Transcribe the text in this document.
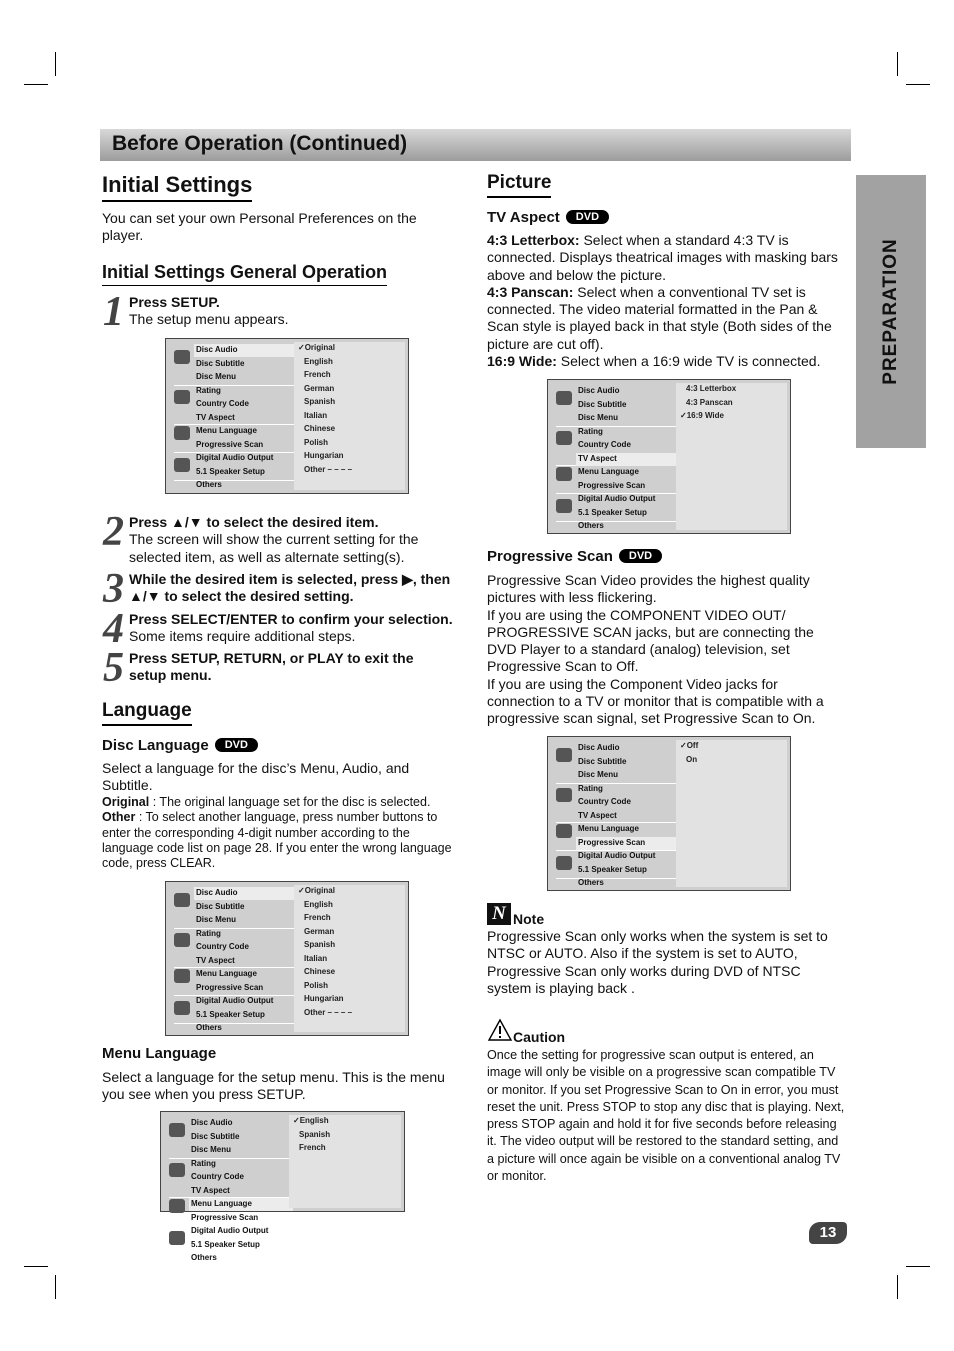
Before Operation (Continued)
PREPARATION
Initial Settings

You can set your own Personal Preferences on the player.

Initial Settings General Operation
1 Press SETUP.
The setup menu appears.

Disc Audio
Disc Subtitle
Disc Menu
Rating
Country Code
TV Aspect
Menu Language
Progressive Scan
Digital Audio Output
5.1 Speaker Setup
Others
✓Original
English
French
German
Spanish
Italian
Chinese
Polish
Hungarian
Other – – – –
2 Press ▲/▼ to select the desired item.
The screen will show the current setting for the selected item, as well as alternate setting(s).

3 While the desired item is selected, press ▶, then ▲/▼ to select the desired setting.

4 Press SELECT/ENTER to confirm your selection.
Some items require additional steps.

5 Press SETUP, RETURN, or PLAY to exit the setup menu.

Language
Disc Language DVD

Select a language for the disc’s Menu, Audio, and Subtitle.

Original : The original language set for the disc is selected.
Other : To select another language, press number buttons to enter the corresponding 4-digit number according to the language code list on page 28. If you enter the wrong language code, press CLEAR.

Disc Audio
Disc Subtitle
Disc Menu
Rating
Country Code
TV Aspect
Menu Language
Progressive Scan
Digital Audio Output
5.1 Speaker Setup
Others
✓Original
English
French
German
Spanish
Italian
Chinese
Polish
Hungarian
Other – – – –
Menu Language

Select a language for the setup menu. This is the menu you see when you press SETUP.

Disc Audio
Disc Subtitle
Disc Menu
Rating
Country Code
TV Aspect
Menu Language
Progressive Scan
Digital Audio Output
5.1 Speaker Setup
Others
✓English
Spanish
French
Picture
TV Aspect DVD

4:3 Letterbox: Select when a standard 4:3 TV is connected. Displays theatrical images with masking bars above and below the picture.
4:3 Panscan: Select when a conventional TV set is connected. The video material formatted in the Pan & Scan style is played back in that style (Both sides of the picture are cut off).
16:9 Wide: Select when a 16:9 wide TV is connected.

Disc Audio
Disc Subtitle
Disc Menu
Rating
Country Code
TV Aspect
Menu Language
Progressive Scan
Digital Audio Output
5.1 Speaker Setup
Others
4:3 Letterbox
4:3 Panscan
✓16:9 Wide
Progressive Scan DVD

Progressive Scan Video provides the highest quality pictures with less flickering.
If you are using the COMPONENT VIDEO OUT/ PROGRESSIVE SCAN jacks, but are connecting the DVD Player to a standard (analog) television, set Progressive Scan to Off.
If you are using the Component Video jacks for connection to a TV or monitor that is compatible with a progressive scan signal, set Progressive Scan to On.

Disc Audio
Disc Subtitle
Disc Menu
Rating
Country Code
TV Aspect
Menu Language
Progressive Scan
Digital Audio Output
5.1 Speaker Setup
Others
✓Off
On
N Note

Progressive Scan only works when the system is set to NTSC or AUTO. Also if the system is set to AUTO, Progressive Scan only works during DVD of NTSC system is playing back .

Caution

Once the setting for progressive scan output is entered, an image will only be visible on a progressive scan compatible TV or monitor. If you set Progressive Scan to On in error, you must reset the unit. Press STOP to stop any disc that is playing. Next, press STOP again and hold it for five seconds before releasing it. The video output will be restored to the standard setting, and a picture will once again be visible on a conventional analog TV or monitor.

13
